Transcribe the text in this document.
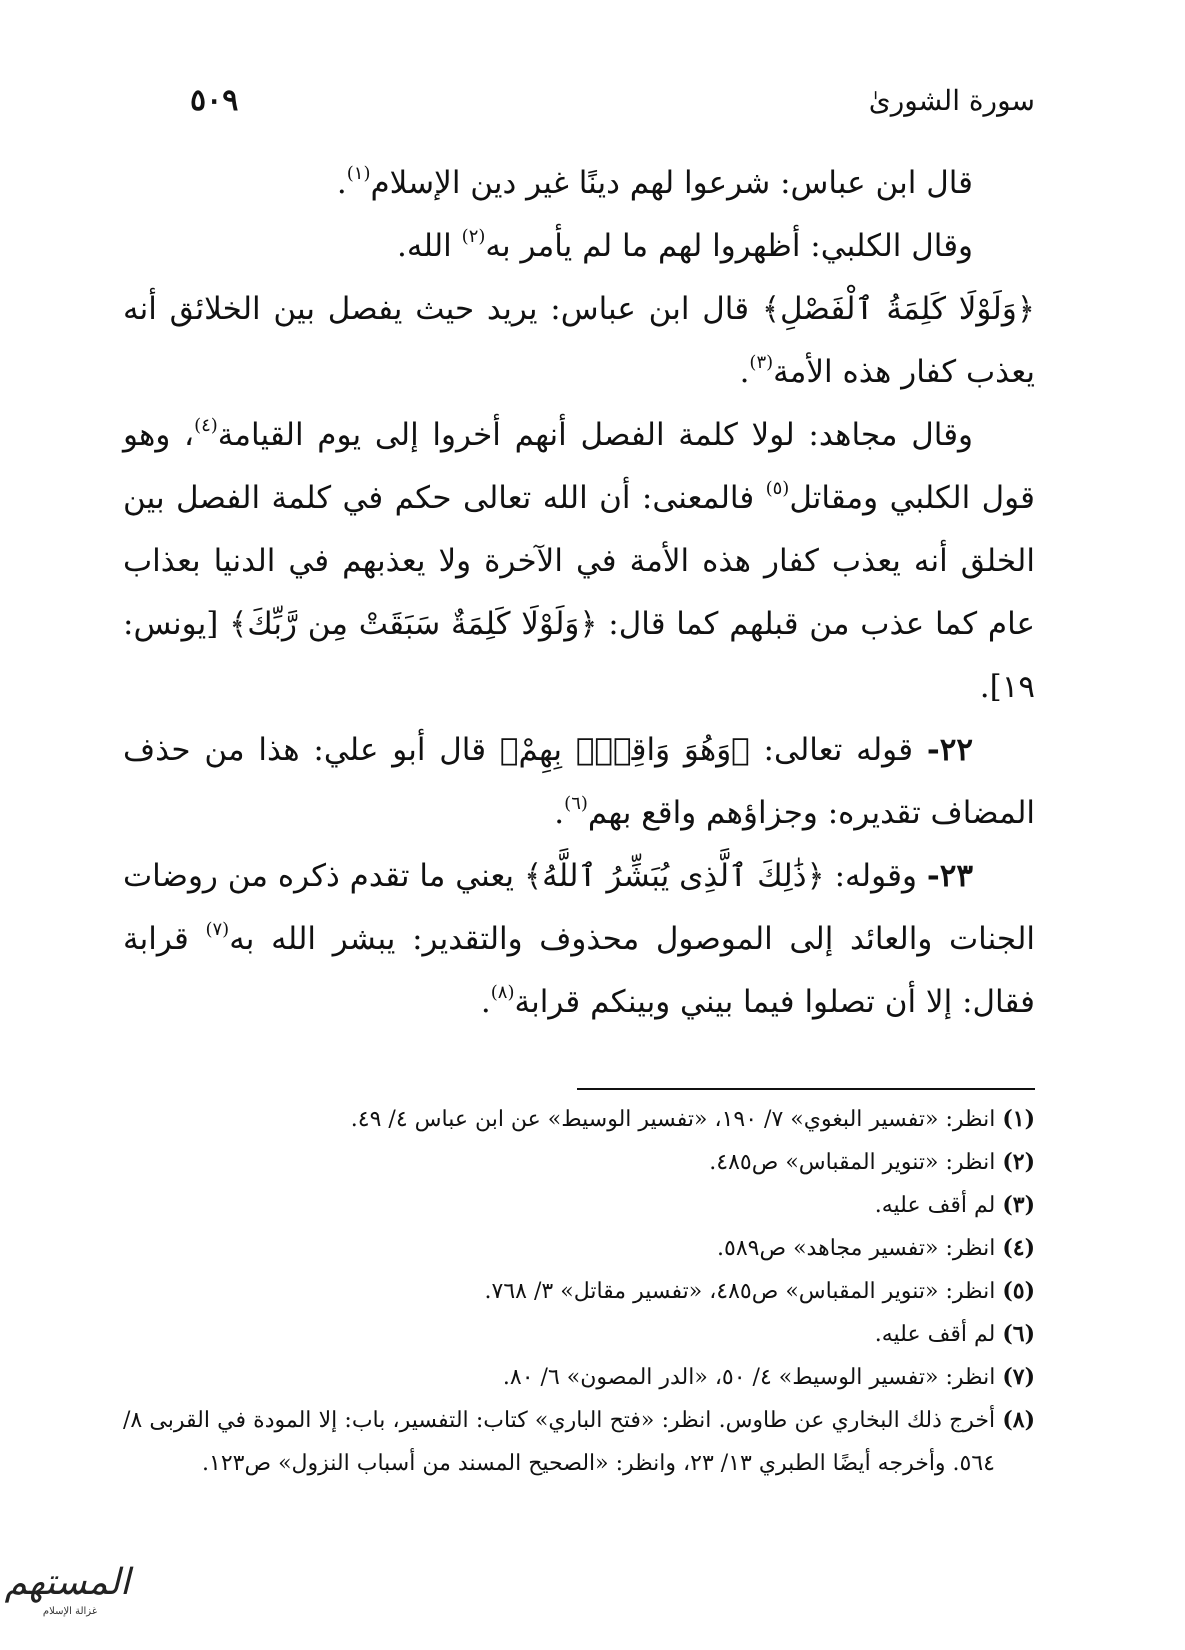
سورة الشورىٰ
٥٠٩

قال ابن عباس: شرعوا لهم دينًا غير دين الإسلام$^{(١)}$.

وقال الكلبي: أظهروا لهم ما لم يأمر به$^{(٢)}$ الله.

﴿وَلَوْلَا كَلِمَةُ ٱلْفَصْلِ﴾ قال ابن عباس: يريد حيث يفصل بين الخلائق أنه يعذب كفار هذه الأمة$^{(٣)}$.

وقال مجاهد: لولا كلمة الفصل أنهم أخروا إلى يوم القيامة$^{(٤)}$، وهو قول الكلبي ومقاتل$^{(٥)}$ فالمعنى: أن الله تعالى حكم في كلمة الفصل بين الخلق أنه يعذب كفار هذه الأمة في الآخرة ولا يعذبهم في الدنيا بعذاب عام كما عذب من قبلهم كما قال: ﴿وَلَوْلَا كَلِمَةٌ سَبَقَتْ مِن رَّبِّكَ﴾ [يونس: ١٩].

٢٢- قوله تعالى: ﴿وَهُوَ وَاقِعٌۢ بِهِمْ﴾ قال أبو علي: هذا من حذف المضاف تقديره: وجزاؤهم واقع بهم$^{(٦)}$.

٢٣- وقوله: ﴿ذَٰلِكَ ٱلَّذِى يُبَشِّرُ ٱللَّهُ﴾ يعني ما تقدم ذكره من روضات الجنات والعائد إلى الموصول محذوف والتقدير: يبشر الله به$^{(٧)}$ قرابة فقال: إلا أن تصلوا فيما بيني وبينكم قرابة$^{(٨)}$.

(١) انظر: «تفسير البغوي» ٧/ ١٩٠، «تفسير الوسيط» عن ابن عباس ٤/ ٤٩.

(٢) انظر: «تنوير المقباس» ص٤٨٥.

(٣) لم أقف عليه.

(٤) انظر: «تفسير مجاهد» ص٥٨٩.

(٥) انظر: «تنوير المقباس» ص٤٨٥، «تفسير مقاتل» ٣/ ٧٦٨.

(٦) لم أقف عليه.

(٧) انظر: «تفسير الوسيط» ٤/ ٥٠، «الدر المصون» ٦/ ٨٠.

(٨) أخرج ذلك البخاري عن طاوس. انظر: «فتح الباري» كتاب: التفسير، باب: إلا المودة في القربى ٨/ ٥٦٤. وأخرجه أيضًا الطبري ١٣/ ٢٣، وانظر: «الصحيح المسند من أسباب النزول» ص١٢٣.

المستهم
غزالة الإسلام
